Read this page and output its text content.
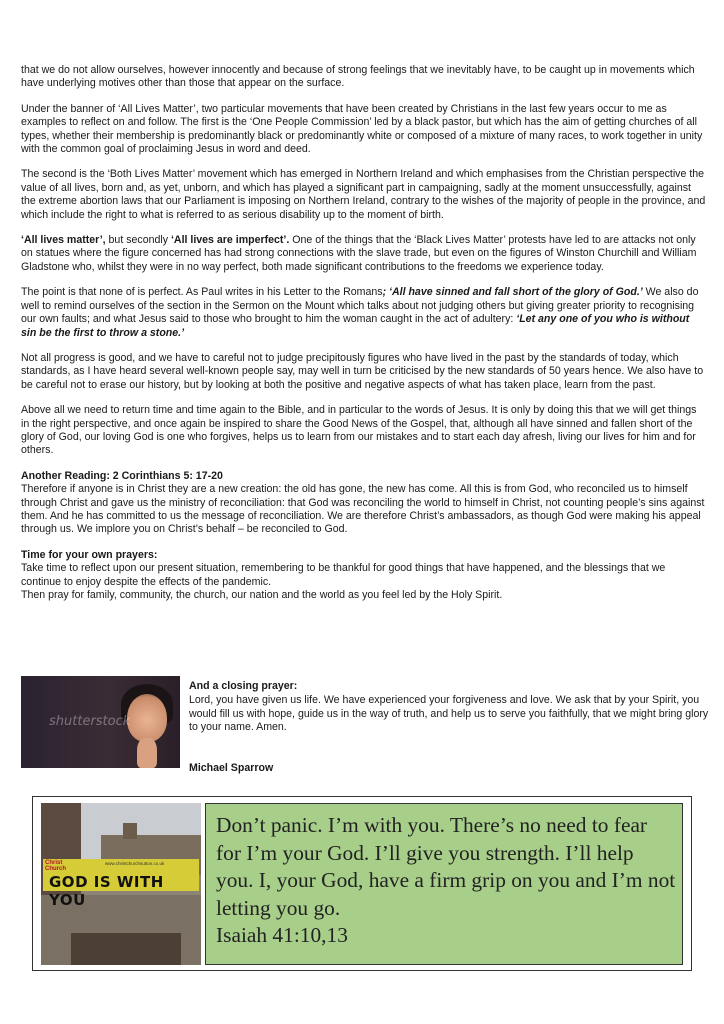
that we do not allow ourselves, however innocently and because of strong feelings that we inevitably have, to be caught up in movements which have underlying motives other than those that appear on the surface.

Under the banner of ‘All Lives Matter’, two particular movements that have been created by Christians in the last few years occur to me as examples to reflect on and follow. The first is the ‘One People Commission’ led by a black pastor, but which has the aim of getting churches of all types, whether their membership is predominantly black or predominantly white or composed of a mixture of many races, to work together in unity with the common goal of proclaiming Jesus in word and deed.

The second is the ‘Both Lives Matter’ movement which has emerged in Northern Ireland and which emphasises from the Christian perspective the value of all lives, born and, as yet, unborn, and which has played a significant part in campaigning, sadly at the moment unsuccessfully, against the extreme abortion laws that our Parliament is imposing on Northern Ireland, contrary to the wishes of the majority of people in the province, and which include the right to what is referred to as serious disability up to the moment of birth.

‘All lives matter’, but secondly ‘All lives are imperfect’. One of the things that the ‘Black Lives Matter’ protests have led to are attacks not only on statues where the figure concerned has had strong connections with the slave trade, but even on the figures of Winston Churchill and William Gladstone who, whilst they were in no way perfect, both made significant contributions to the freedoms we experience today.

The point is that none of is perfect. As Paul writes in his Letter to the Romans; ‘All have sinned and fall short of the glory of God.’ We also do well to remind ourselves of the section in the Sermon on the Mount which talks about not judging others but giving greater priority to recognising our own faults; and what Jesus said to those who brought to him the woman caught in the act of adultery: ‘Let any one of you who is without sin be the first to throw a stone.’

Not all progress is good, and we have to careful not to judge precipitously figures who have lived in the past by the standards of today, which standards, as I have heard several well-known people say, may well in turn be criticised by the new standards of 50 years hence. We also have to be careful not to erase our history, but by looking at both the positive and negative aspects of what has taken place, learn from the past.

Above all we need to return time and time again to the Bible, and in particular to the words of Jesus. It is only by doing this that we will get things in the right perspective, and once again be inspired to share the Good News of the Gospel, that, although all have sinned and fallen short of the glory of God, our loving God is one who forgives, helps us to learn from our mistakes and to start each day afresh, living our lives for him and for others.

Another Reading: 2 Corinthians 5: 17-20

Therefore if anyone is in Christ they are a new creation: the old has gone, the new has come. All this is from God, who reconciled us to himself through Christ and gave us the ministry of reconciliation: that God was reconciling the world to himself in Christ, not counting people’s sins against them. And he has committed to us the message of reconciliation. We are therefore Christ’s ambassadors, as though God were making his appeal through us. We implore you on Christ’s behalf – be reconciled to God.

Time for your own prayers:

Take time to reflect upon our present situation, remembering to be thankful for good things that have happened, and the blessings that we continue to enjoy despite the effects of the pandemic.

Then pray for family, community, the church, our nation and the world as you feel led by the Holy Spirit.

shutterstock

And a closing prayer:

Lord, you have given us life. We have experienced your forgiveness and love. We ask that by your Spirit, you would fill us with hope, guide us in the way of truth, and help us to serve you faithfully, that we might bring glory to your name. Amen.

Michael Sparrow
Christ Church
www.christchurchsutton.co.uk
GOD IS WITH YOU
Don’t panic. I’m with you. There’s no need to fear for I’m your God. I’ll give you strength. I’ll help you. I, your God, have a firm grip on you and I’m not letting you go.
Isaiah 41:10,13
